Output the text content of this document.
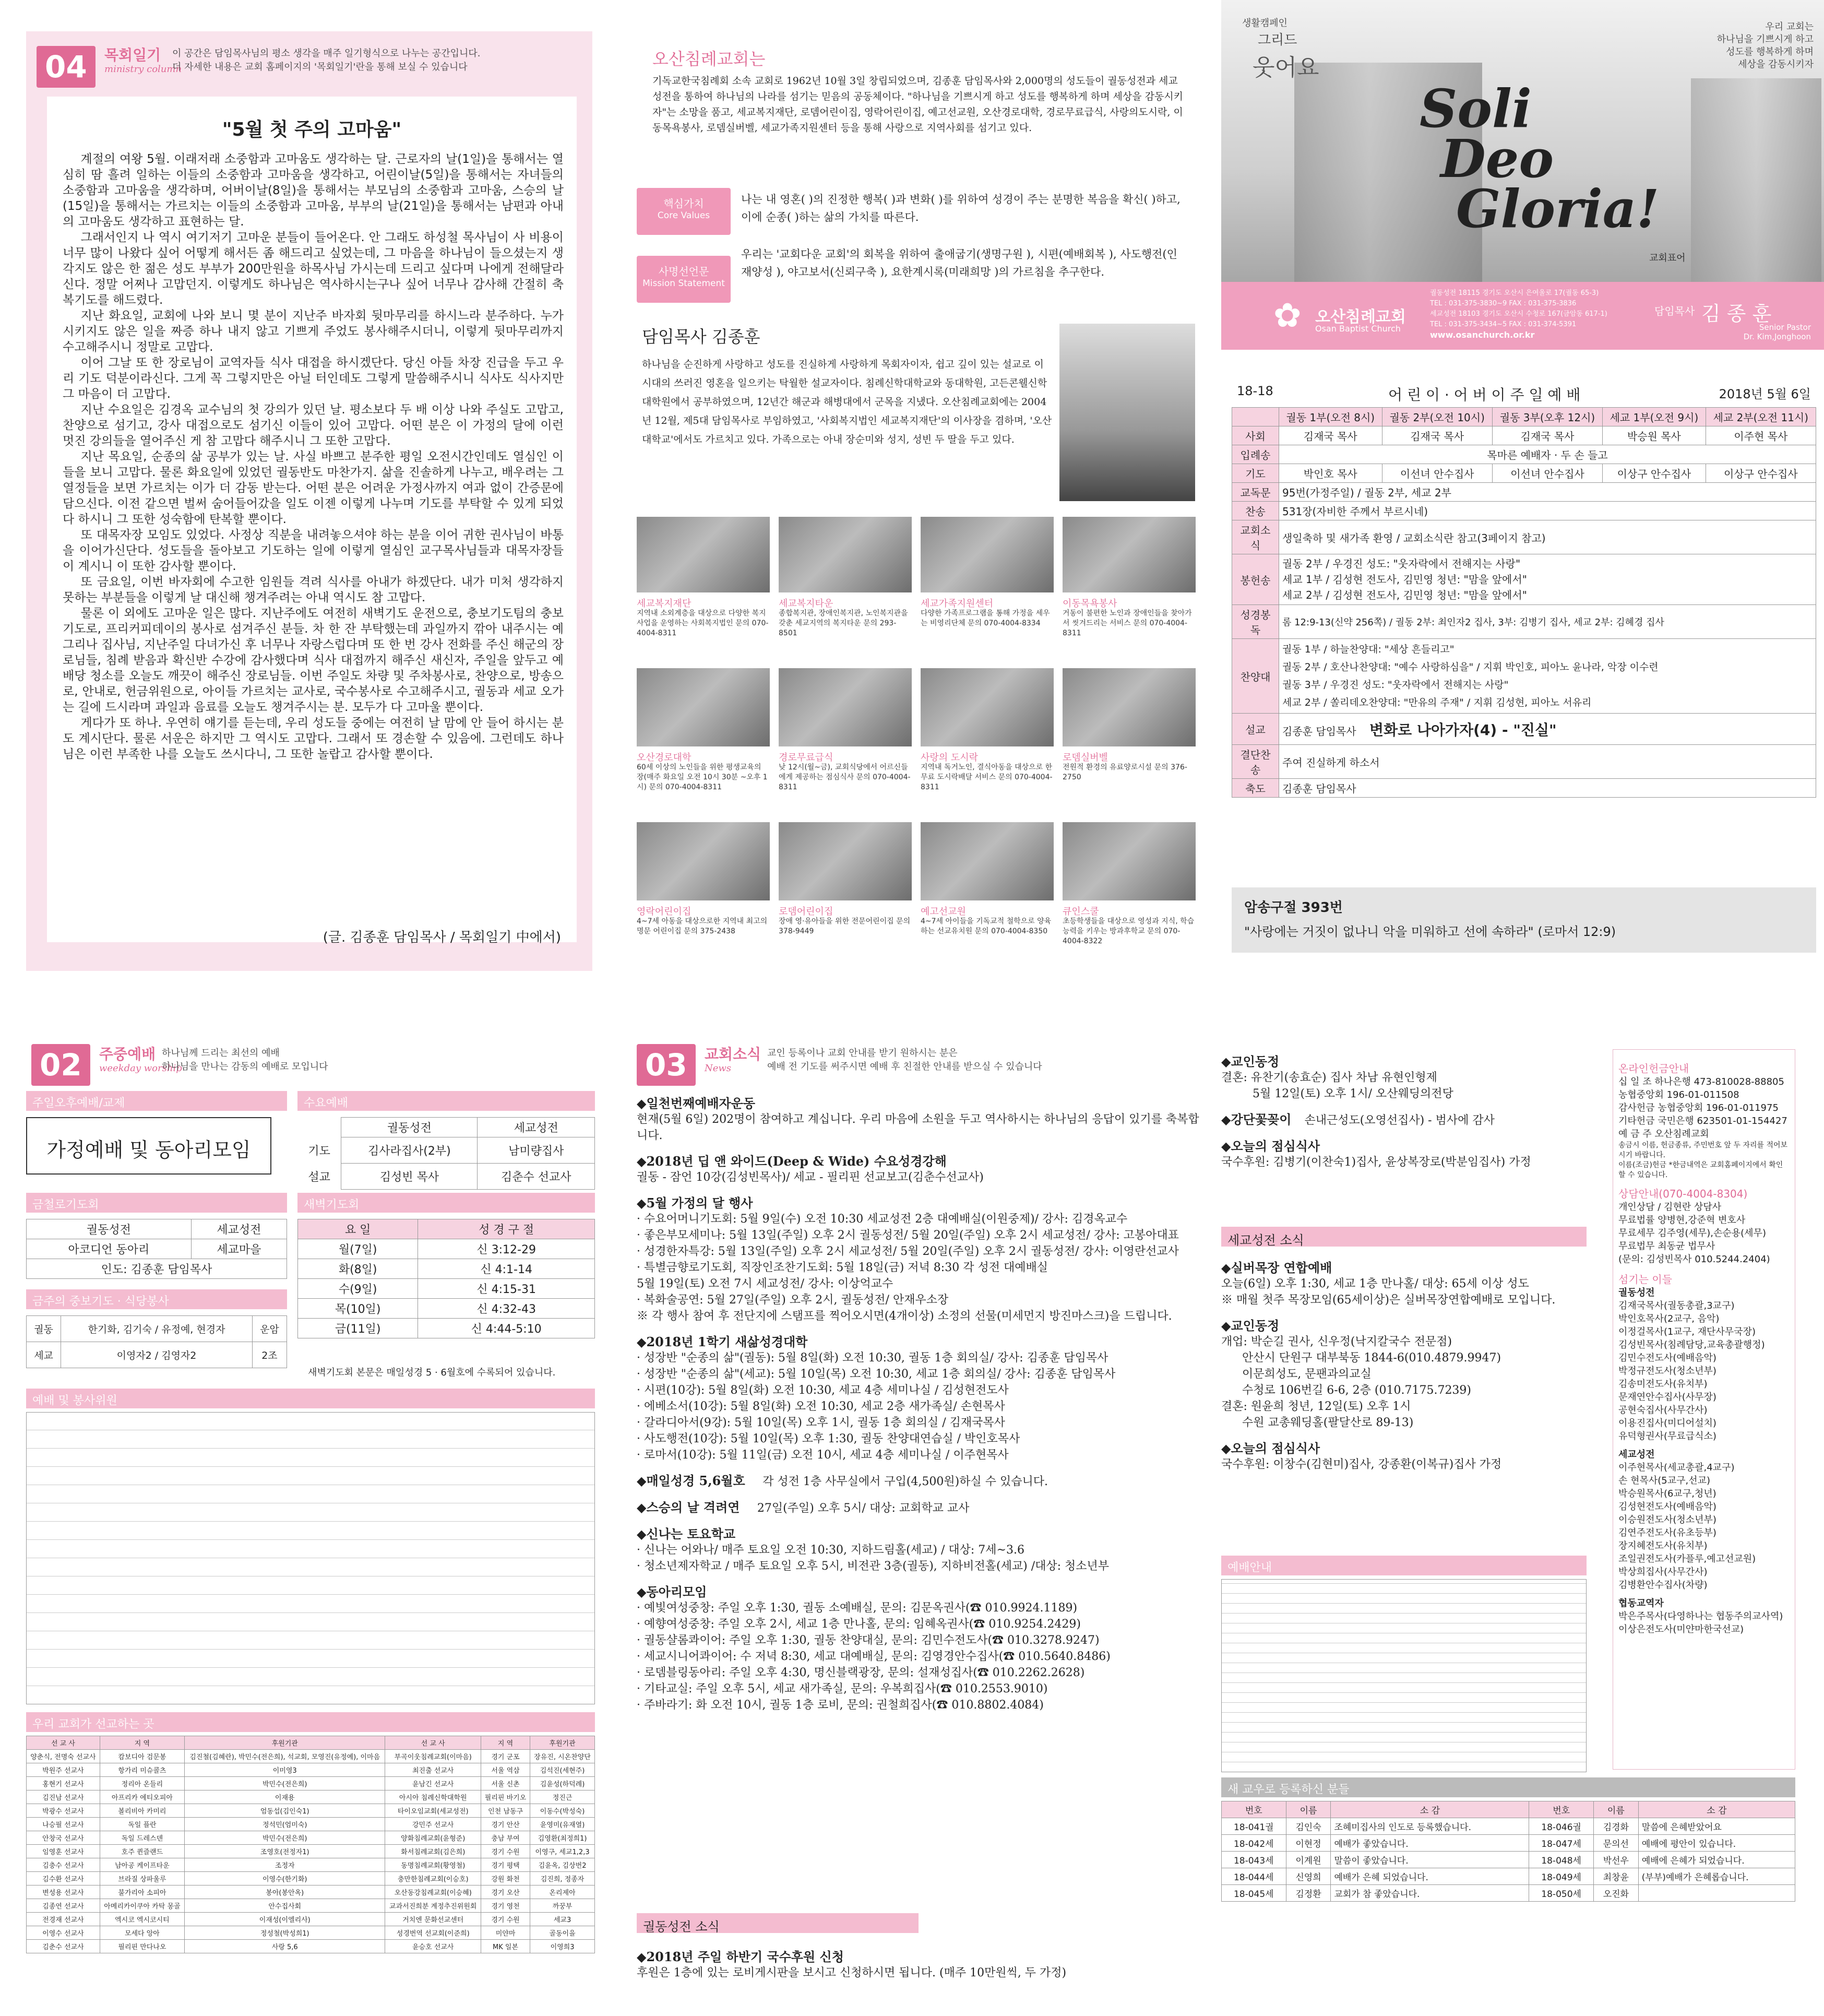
04	목회일기
ministry column
이 공간은 담임목사님의 평소 생각을 매주 일기형식으로 나누는 공간입니다.
더 자세한 내용은 교회 홈페이지의 '목회일기'란을 통해 보실 수 있습니다
"5월 첫 주의 고마움"

계절의 여왕 5월. 이래저래 소중함과 고마움도 생각하는 달. 근로자의 날(1일)을 통해서는 열심히 땀 흘려 일하는 이들의 소중함과 고마움을 생각하고, 어린이날(5일)을 통해서는 자녀들의 소중함과 고마움을 생각하며, 어버이날(8일)을 통해서는 부모님의 소중함과 고마움, 스승의 날(15일)을 통해서는 가르치는 이들의 소중함과 고마움, 부부의 날(21일)을 통해서는 남편과 아내의 고마움도 생각하고 표현하는 달.

그래서인지 나 역시 여기저기 고마운 분들이 들어온다. 안 그래도 하성철 목사님이 사 비용이 너무 많이 나왔다 싶어 어떻게 해서든 좀 해드리고 싶었는데, 그 마음을 하나님이 들으셨는지 생각지도 않은 한 젊은 성도 부부가 200만원을 하목사님 가시는데 드리고 싶다며 나에게 전해달라신다. 정말 어쩌나 고맙던지. 이렇게도 하나님은 역사하시는구나 싶어 너무나 감사해 간절히 축복기도를 해드렸다.

지난 화요일, 교회에 나와 보니 몇 분이 지난주 바자회 뒷마무리를 하시느라 분주하다. 누가 시키지도 않은 일을 짜증 하나 내지 않고 기쁘게 주었도 봉사해주시더니, 이렇게 뒷마무리까지 수고해주시니 정말로 고맙다.

이어 그날 또 한 장로님이 교역자들 식사 대접을 하시겠단다. 당신 아들 차장 진급을 두고 우리 기도 덕분이라신다. 그게 꼭 그렇지만은 아닐 터인데도 그렇게 말씀해주시니 식사도 식사지만 그 마음이 더 고맙다.

지난 수요일은 김경옥 교수님의 첫 강의가 있던 날. 평소보다 두 배 이상 나와 주실도 고맙고, 찬양으로 섬기고, 강사 대접으로도 섬기신 이들이 있어 고맙다. 어떤 분은 이 가정의 달에 이런 멋진 강의들을 열어주신 게 참 고맙다 해주시니 그 또한 고맙다.

지난 목요일, 순종의 삶 공부가 있는 날. 사실 바쁘고 분주한 평일 오전시간인데도 열심인 이들을 보니 고맙다. 물론 화요일에 있었던 궐동반도 마찬가지. 삶을 진솔하게 나누고, 배우려는 그 열정들을 보면 가르치는 이가 더 감동 받는다. 어떤 분은 어려운 가정사까지 여과 없이 간증문에 담으신다. 이전 같으면 벌써 숨어들어갔을 일도 이젠 이렇게 나누며 기도를 부탁할 수 있게 되었다 하시니 그 또한 성숙함에 탄복할 뿐이다.

또 대목자장 모임도 있었다. 사정상 직분을 내려놓으셔야 하는 분을 이어 귀한 권사님이 바통을 이어가신단다. 성도들을 돌아보고 기도하는 일에 이렇게 열심인 교구목사님들과 대목자장들이 계시니 이 또한 감사할 뿐이다.

또 금요일, 이번 바자회에 수고한 임원들 격려 식사를 아내가 하겠단다. 내가 미처 생각하지 못하는 부분들을 이렇게 날 대신해 챙겨주려는 아내 역시도 참 고맙다.

물론 이 외에도 고마운 일은 많다. 지난주에도 여전히 새벽기도 운전으로, 충보기도팀의 충보기도로, 프리커피데이의 봉사로 섬겨주신 분들. 차 한 잔 부탁했는데 과일까지 깎아 내주시는 예그리나 집사님, 지난주일 다녀가신 후 너무나 자랑스럽다며 또 한 번 강사 전화를 주신 해군의 장로님들, 침례 받음과 확신반 수강에 감사했다며 식사 대접까지 해주신 새신자, 주일을 앞두고 예배당 청소를 오늘도 깨끗이 해주신 장로님들. 이번 주일도 차량 및 주차봉사로, 찬양으로, 방송으로, 안내로, 헌금위원으로, 아이들 가르치는 교사로, 국수봉사로 수고해주시고, 궐동과 세교 오가는 길에 드시라며 과일과 음료를 오늘도 챙겨주시는 분. 모두가 다 고마울 뿐이다.

게다가 또 하나. 우연히 얘기를 듣는데, 우리 성도들 중에는 여전히 날 맘에 안 들어 하시는 분도 계시단다. 물론 서운은 하지만 그 역시도 고맙다. 그래서 또 경손할 수 있음에. 그런데도 하나님은 이런 부족한 나를 오늘도 쓰시다니, 그 또한 놀랍고 감사할 뿐이다.

(글. 김종훈 담임목사 / 목회일기 中에서)
오산침례교회는
기독교한국침례회 소속 교회로 1962년 10월 3일 창립되었으며, 김종훈 담임목사와 2,000명의 성도들이 궐동성전과 세교성전을 통하여 하나님의 나라를 섬기는 믿음의 공동체이다. "하나님을 기쁘시게 하고 성도를 행복하게 하며 세상을 감동시키자"는 소망을 품고, 세교복지재단, 로뎀어린이집, 영락어린이집, 예고선교원, 오산경로대학, 경로무료급식, 사랑의도시락, 이동목욕봉사, 로뎀실버벨, 세교가족지원센터 등을 통해 사랑으로 지역사회를 섬기고 있다.
핵심가치
Core Values
나는 내 영혼( )의 진정한 행복( )과 변화( )를 위하여 성경이 주는 분명한 복음을 확신( )하고, 이에 순종( )하는 삶의 가치를 따른다.
사명선언문
Mission Statement
우리는 '교회다운 교회'의 회복을 위하여 출애굽기(생명구원 ), 시편(예배회복 ), 사도행전(인재양성 ), 야고보서(신뢰구축 ), 요한계시록(미래희망 )의 가르침을 추구한다.
담임목사 김종훈
하나님을 순진하게 사랑하고 성도를 진실하게 사랑하게 목회자이자, 쉽고 깊이 있는 설교로 이 시대의 쓰러진 영혼을 일으키는 탁월한 설교자이다. 침례신학대학교와 동대학원, 고든콘웰신학대학원에서 공부하였으며, 12년간 해군과 해병대에서 군목을 지냈다. 오산침례교회에는 2004년 12월, 제5대 담임목사로 부임하였고, '사회복지법인 세교복지재단'의 이사장을 겸하며, '오산대학교'에서도 가르치고 있다. 가족으로는 아내 장순미와 성지, 성빈 두 딸을 두고 있다.
세교복지재단	세교복지타운	세교가족지원센터	이동목욕봉사
지역내 소외계층을 대상으로 다양한 복지사업을 운영하는 사회복지법인 문의 070-4004-8311
종합복지관, 장애인복지관, 노인복지관을 갖춘 세교지역의 복지타운 문의 293-8501
다양한 가족프로그램을 통해 가정을 세우는 비영리단체 문의 070-4004-8334
거동이 불편한 노인과 장애인들을 찾아가서 씻겨드리는 서비스 문의 070-4004-8311
오산경로대학	경로무료급식	사랑의 도시락	로뎀실버벨
60세 이상의 노인들을 위한 평생교육의 장(매주 화요일 오전 10시 30분 ~오후 1시) 문의 070-4004-8311
낮 12시(월~금), 교회식당에서 어르신들에게 제공하는 점심식사 문의 070-4004-8311
지역내 독거노인, 결식아동을 대상으로 한 무료 도시락배달 서비스 문의 070-4004-8311
전원적 환경의 유료양로시설 문의 376-2750
영락어린이집	로뎀어린이집	예고선교원	큐인스쿨
4~7세 아동을 대상으로한 지역내 최고의 명문 어린이집 문의 375-2438
장애 영·유아들을 위한 전문어린이집 문의 378-9449
4~7세 아이들을 기독교적 철학으로 양육하는 선교유치원 문의 070-4004-8350
초등학생들을 대상으로 영성과 지식, 학습능력을 키우는 방과후학교 문의 070-4004-8322
생활캠페인
그리드
웃어요
우리 교회는
하나님을 기쁘시게 하고
성도를 행복하게 하며
세상을 감동시키자
Soli
Deo
Gloria!
교회표어
✿ 오산침례교회
Osan Baptist Church
궐동성전 18115 경기도 오산시 은여울로 17(궐동 65-3)
TEL : 031-375-3830~9 FAX : 031-375-3836
세교성전 18103 경기도 오산시 수청로 167(금암동 617-1)
TEL : 031-375-3434~5 FAX : 031-374-5391
www.osanchurch.or.kr
담임목사 김 종 훈
Senior Pastor
Dr. Kim,Jonghoon
18-18	어 린 이 · 어 버 이 주 일 예 배	2018년 5월 6일
	궐동 1부(오전 8시)	궐동 2부(오전 10시)	궐동 3부(오후 12시)	세교 1부(오전 9시)	세교 2부(오전 11시)
사회	김재국 목사	김재국 목사	김재국 목사	박승원 목사	이주현 목사
입례송	목마른 예배자 · 두 손 들고				
기도	박인호 목사	이선녀 안수집사	이선녀 안수집사	이상구 안수집사	이상구 안수집사
교독문	95번(가정주일) / 궐동 2부, 세교 2부				
찬송	531장(자비한 주께서 부르시네)				
교회소식	생일축하 및 새가족 환영 / 교회소식란 참고(3페이지 참고)				
봉헌송	궐동 2부 / 우경진 성도: "웃자락에서 전해지는 사랑"
세교 1부 / 김성현 전도사, 김민영 청년: "맘을 앞에서"
세교 2부 / 김성현 전도사, 김민영 청년: "맘을 앞에서"				

성경봉독	롬 12:9-13(신약 256쪽) / 궐동 2부: 최인자2 집사, 3부: 김병기 집사, 세교 2부: 김혜경 집사				
찬양대	궐동 1부 / 하늘찬양대: "세상 흔들리고"
궐동 2부 / 호산나찬양대: "예수 사랑하심을" / 지휘 박인호, 피아노 윤나라, 악장 이수련
궐동 3부 / 우경진 성도: "웃자락에서 전해지는 사랑"
세교 2부 / 쏠리데오찬양대: "만유의 주재" / 지휘 김성현, 피아노 서유리				

설교	김종훈 담임목사 변화로 나아가자(4) - "진실"				
결단찬송	주여 진실하게 하소서				
축도	김종훈 담임목사				
암송구절 393번
"사랑에는 거짓이 없나니 악을 미워하고 선에 속하라" (로마서 12:9)
02	주중예배
weekday worship
하나님께 드리는 최선의 예배
하나님을 만나는 감동의 예배로 모입니다
주일오후예배/교제
가정예배 및 동아리모임
수요예배
	궐동성전	세교성전
기도	김사라집사(2부)	남미량집사
설교	김성빈 목사	김춘수 선교사
금철로기도회
궐동성전	세교성전
아코디언 동아리	세교마을
인도: 김종훈 담임목사	
새벽기도회
요 일	성 경 구 절
월(7일)	신 3:12-29
화(8일)	신 4:1-14
수(9일)	신 4:15-31
목(10일)	신 4:32-43
금(11일)	신 4:44-5:10
새벽기도회 본문은 매일성경 5 · 6월호에 수록되어 있습니다.
금주의 중보기도 · 식당봉사
궐동	한기화, 김기숙 / 유정예, 현경자	운암
세교	이영자2 / 김영자2	2조
예배 및 봉사위원
우리 교회가 선교하는 곳
선 교 사	지 역	후원기관	선 교 사	지 역	후원기관
양춘식, 전명숙 선교사	캄보디아 검문봉	김진철(김혜란), 박민수(전은희), 석교회, 모영진(유정예), 이마음	부곡이웃침례교회(이마음)	경기 군포	장유진, 시온찬양단
박원주 선교사	항가리 미슈콜츠	이미영3	최진출 선교사	서울 역삼	김석진(세현주)
홍현기 선교사	정리아 온들리	박민수(전은희)	윤남긴 선교사	서울 신촌	김윤성(하덕례)
김진남 선교사	아프리카 에티오피아	이재용	아시아 침례신학대학원	필리핀 바기오	정진근
박광수 선교사	볼리비아 카미리	엄동섭(김인숙1)	타이오임교회(세교성전)	인천 남동구	이동수(박성숙)
나승필 선교사	독일 플란	정석민(엄미숙)	강민주 선교사	경기 안산	윤영미(유재열)
안창국 선교사	독일 드레스덴	박민수(전은희)	양화침례교회(윤형준)	충남 부여	김영환(최정희1)
임영훈 선교사	호주 퀸즐랜드	조영호(전정자1)	화서침례교회(김은희)	경기 수원	이영구, 세교1,2,3
김충수 선교사	남아공 케이프타운	조정자	동명침례교회(황영철)	경기 평택	김윤옥, 김상번2
김수환 선교사	브라질 상파울루	이영수(한기화)	충만한침례교회(이승호)	강원 화천	김진희, 정종자
변성용 선교사	불가리아 소피아	봉아(봉안옥)	오산동강침례교회(이승혜)	경기 오산	온리제아
김종연 선교사	아메리카이쿠아 카탁 몽골	안수집사회	교과서진희분 계정추진위원회	경기 영천	까꿍부
전경재 선교사	엑시코 엑시코시티	이재성(이엘리사)	거치엔 문화선교센터	경기 수원	세교3
이영수 선교사	모세다 앙아	정성철(박성희1)	성경번역 선교회(이준희)	미얀마	골동이을
김춘수 선교사	필리핀 만다나오	사랑 5,6	윤승호 선교사	MK 일본	이영희3
03	교회소식
News
교인 등록이나 교회 안내를 받기 원하시는 분은
예배 전 기도를 써주시면 예배 후 친절한 안내를 받으실 수 있습니다
◆일천번째예배자운동
현재(5월 6일) 202명이 참여하고 계십니다. 우리 마음에 소원을 두고 역사하시는 하나님의 응답이 있기를 축복합니다.
◆2018년 딥 앤 와이드(Deep & Wide) 수요성경강해
궐동 - 잠언 10강(김성빈목사)/ 세교 - 필리핀 선교보고(김춘수선교사)
◆5월 가정의 달 행사
· 수요어머니기도회: 5월 9일(수) 오전 10:30 세교성전 2층 대예배실(이원중제)/ 강사: 김경옥교수
· 좋은부모세미나: 5월 13일(주일) 오후 2시 궐동성전/ 5월 20일(주일) 오후 2시 세교성전/ 강사: 고봉아대표
· 성경한자특강: 5월 13일(주일) 오후 2시 세교성전/ 5월 20일(주일) 오후 2시 궐동성전/ 강사: 이영란선교사
· 특별금향로기도회, 직장인조찬기도회: 5월 18일(금) 저녁 8:30 각 성전 대예배실
5월 19일(토) 오전 7시 세교성전/ 강사: 이상억교수
· 복화술공연: 5월 27일(주일) 오후 2시, 궐동성전/ 안재우소장
※ 각 행사 참여 후 전단지에 스탬프를 찍어오시면(4개이상) 소정의 선물(미세먼지 방진마스크)을 드립니다.
◆2018년 1학기 새삶성경대학
· 성장반 "순종의 삶"(궐동): 5월 8일(화) 오전 10:30, 궐동 1층 회의실/ 강사: 김종훈 담임목사
· 성장반 "순종의 삶"(세교): 5월 10일(목) 오전 10:30, 세교 1층 회의실/ 강사: 김종훈 담임목사
· 시편(10강): 5월 8일(화) 오전 10:30, 세교 4층 세미나실 / 김성현전도사
· 에베소서(10강): 5월 8일(화) 오전 10:30, 세교 2층 새가족실/ 손현목사
· 갈라디아서(9강): 5월 10일(목) 오후 1시, 궐동 1층 회의실 / 김재국목사
· 사도행전(10강): 5월 10일(목) 오후 1:30, 궐동 찬양대연습실 / 박인호목사
· 로마서(10강): 5월 11일(금) 오전 10시, 세교 4층 세미나실 / 이주현목사
◆매일성경 5,6월호 각 성전 1층 사무실에서 구입(4,500원)하실 수 있습니다.
◆스승의 날 격려연 27일(주일) 오후 5시/ 대상: 교회학교 교사
◆신나는 토요학교
· 신나는 어와나/ 매주 토요일 오전 10:30, 지하드림홀(세교) / 대상: 7세~3.6
· 청소년제자학교 / 매주 토요일 오후 5시, 비전관 3층(궐동), 지하비전홀(세교) /대상: 청소년부
◆동아리모임
· 예빛여성중창: 주일 오후 1:30, 궐동 소예배실, 문의: 김문옥권사(☎ 010.9924.1189)
· 예향여성중창: 주일 오후 2시, 세교 1층 만나홀, 문의: 임혜옥권사(☎ 010.9254.2429)
· 궐동샬롬콰이어: 주일 오후 1:30, 궐동 찬양대실, 문의: 김민수전도사(☎ 010.3278.9247)
· 세교시니어콰이어: 수 저녁 8:30, 세교 대예배실, 문의: 김영경안수집사(☎ 010.5640.8486)
· 로뎀블링동아리: 주일 오후 4:30, 명신블랙광장, 문의: 설재성집사(☎ 010.2262.2628)
· 기타교실: 주일 오후 5시, 세교 새가족실, 문의: 우복희집사(☎ 010.2553.9010)
· 주바라기: 화 오전 10시, 궐동 1층 로비, 문의: 권철희집사(☎ 010.8802.4084)
궐동성전 소식
◆2018년 주일 하반기 국수후원 신청
후원은 1층에 있는 로비게시판을 보시고 신청하시면 됩니다. (매주 10만원씩, 두 가정)
◆교인동정
결혼: 유찬기(송효순) 집사 차남 유현인형제
5월 12일(토) 오후 1시/ 오산웨딩의전당
◆강단꽃꽂이 손내근성도(오영선집사) - 범사에 감사
◆오늘의 점심식사
국수후원: 김병기(이찬숙1)집사, 윤상복장로(박분임집사) 가정
세교성전 소식
◆실버목장 연합예배
오늘(6일) 오후 1:30, 세교 1층 만나홀/ 대상: 65세 이상 성도
※ 매월 첫주 목장모임(65세이상)은 실버목장연합예배로 모입니다.
◆교인동정
개업: 박순길 권사, 신우정(낙지칼국수 전문점)
안산시 단원구 대부북동 1844-6(010.4879.9947)
이문희성도, 문팬과의교실
수청로 106번길 6-6, 2층 (010.7175.7239)
결혼: 원윤희 청년, 12일(토) 오후 1시
수원 교총웨딩홀(팔달산로 89-13)
◆오늘의 점심식사
국수후원: 이창수(김현미)집사, 강종환(이복규)집사 가정
예배안내
새 교우로 등록하신 분들
번호	이름	소 감	번호	이름	소 감
18-041궐	김인숙	조혜미집사의 인도로 등록했습니다.	18-046궐	김경화	말씀에 은혜받았어요
18-042세	이현정	예배가 좋았습니다.	18-047세	문의선	예배에 평안이 있습니다.
18-043세	이계원	말씀이 좋았습니다.	18-048세	박선우	예배에 은혜가 되었습니다.
18-044세	신영희	예배가 은혜 되었습니다.	18-049세	최창윤	(부부)예배가 은혜롭습니다.
18-045세	김정환	교회가 참 좋았습니다.	18-050세	오진화	
온라인헌금안내
십 일 조 하나은행 473-810028-88805
농협중앙회 196-01-011508
감사헌금 농협중앙회 196-01-011975
기타헌금 국민은행 623501-01-154427
예 금 주 오산침례교회
송금시 이름, 헌금종류, 주민번호 앞 두 자리를 적어보시기 바랍니다.
이름(조금)헌금 *한금내역은 교회홈페이지에서 확인할 수 있습니다.
상담안내(070-4004-8304)
개인상담 / 김현란 상담사
무료법률 양병현,강준혁 변호사
무료세무 김주영(세무),손순용(세무)
무료법무 최동균 법무사
(문의: 김성빈목사 010.5244.2404)
섬기는 이들
궐동성전
김재국목사(궐동총괄,3교구)
박인호목사(2교구, 음악)
이정걸목사(1교구, 재단사무국장)
김성빈목사(침례담당,교육총괄행정)
김민수전도사(예배음악)
박정규전도사(청소년부)
김송미전도사(유치부)
문재연안수집사(사무장)
공현숙집사(사무간사)
이용진집사(미디어설치)
유덕형권사(무료급식소)
세교성전
이주현목사(세교총괄,4교구)
손 현목사(5교구,선교)
박승원목사(6교구,청년)
김성현전도사(예배음악)
이승원전도사(청소년부)
김연주전도사(유초등부)
장지혜전도사(유치부)
조일권전도사(카플루,예고선교원)
박상희집사(사무간사)
김병환안수집사(차량)
협동교역자
박은주목사(다영하나는 협동주의교사역)
이상은전도사(미얀마한국선교)
